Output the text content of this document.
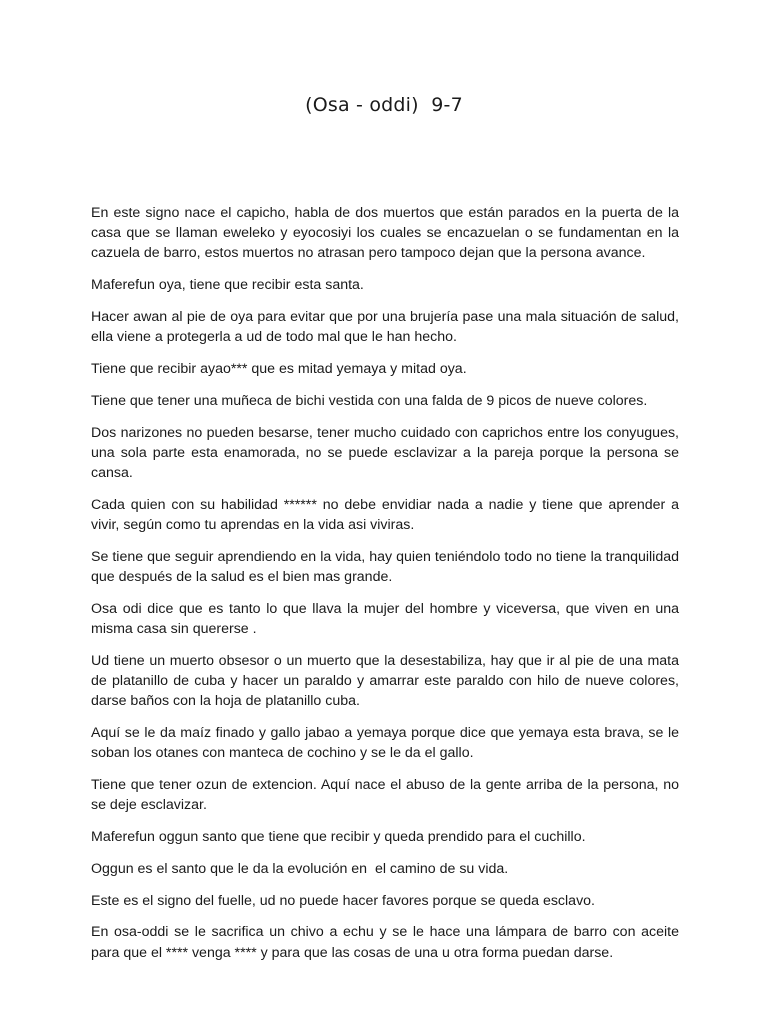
(Osa - oddi)  9-7

En este signo nace el capicho, habla de dos muertos que están parados en la puerta de la casa que se llaman eweleko y eyocosiyi los cuales se encazuelan o se fundamentan en la cazuela de barro, estos muertos no atrasan pero tampoco dejan que la persona avance.

Maferefun oya, tiene que recibir esta santa.

Hacer awan al pie de oya para evitar que por una brujería pase una mala situación de salud, ella viene a protegerla a ud de todo mal que le han hecho.

Tiene que recibir ayao*** que es mitad yemaya y mitad oya.

Tiene que tener una muñeca de bichi vestida con una falda de 9 picos de nueve colores.

Dos narizones no pueden besarse, tener mucho cuidado con caprichos entre los conyugues, una sola parte esta enamorada, no se puede esclavizar a la pareja porque la persona se cansa.

Cada quien con su habilidad ****** no debe envidiar nada a nadie y tiene que aprender a vivir, según como tu aprendas en la vida asi viviras.

Se tiene que seguir aprendiendo en la vida, hay quien teniéndolo todo no tiene la tranquilidad que después de la salud es el bien mas grande.

Osa odi dice que es tanto lo que llava la mujer del hombre y viceversa, que viven en una misma casa sin quererse .

Ud tiene un muerto obsesor o un muerto que la desestabiliza, hay que ir al pie de una mata de platanillo de cuba y hacer un paraldo y amarrar este paraldo con hilo de nueve colores, darse baños con la hoja de platanillo cuba.

Aquí se le da maíz finado y gallo jabao a yemaya porque dice que yemaya esta brava, se le soban los otanes con manteca de cochino y se le da el gallo.

Tiene que tener ozun de extencion. Aquí nace el abuso de la gente arriba de la persona, no se deje esclavizar.

Maferefun oggun santo que tiene que recibir y queda prendido para el cuchillo.

Oggun es el santo que le da la evolución en  el camino de su vida.

Este es el signo del fuelle, ud no puede hacer favores porque se queda esclavo.

En osa-oddi se le sacrifica un chivo a echu y se le hace una lámpara de barro con aceite para que el **** venga **** y para que las cosas de una u otra forma puedan darse.
